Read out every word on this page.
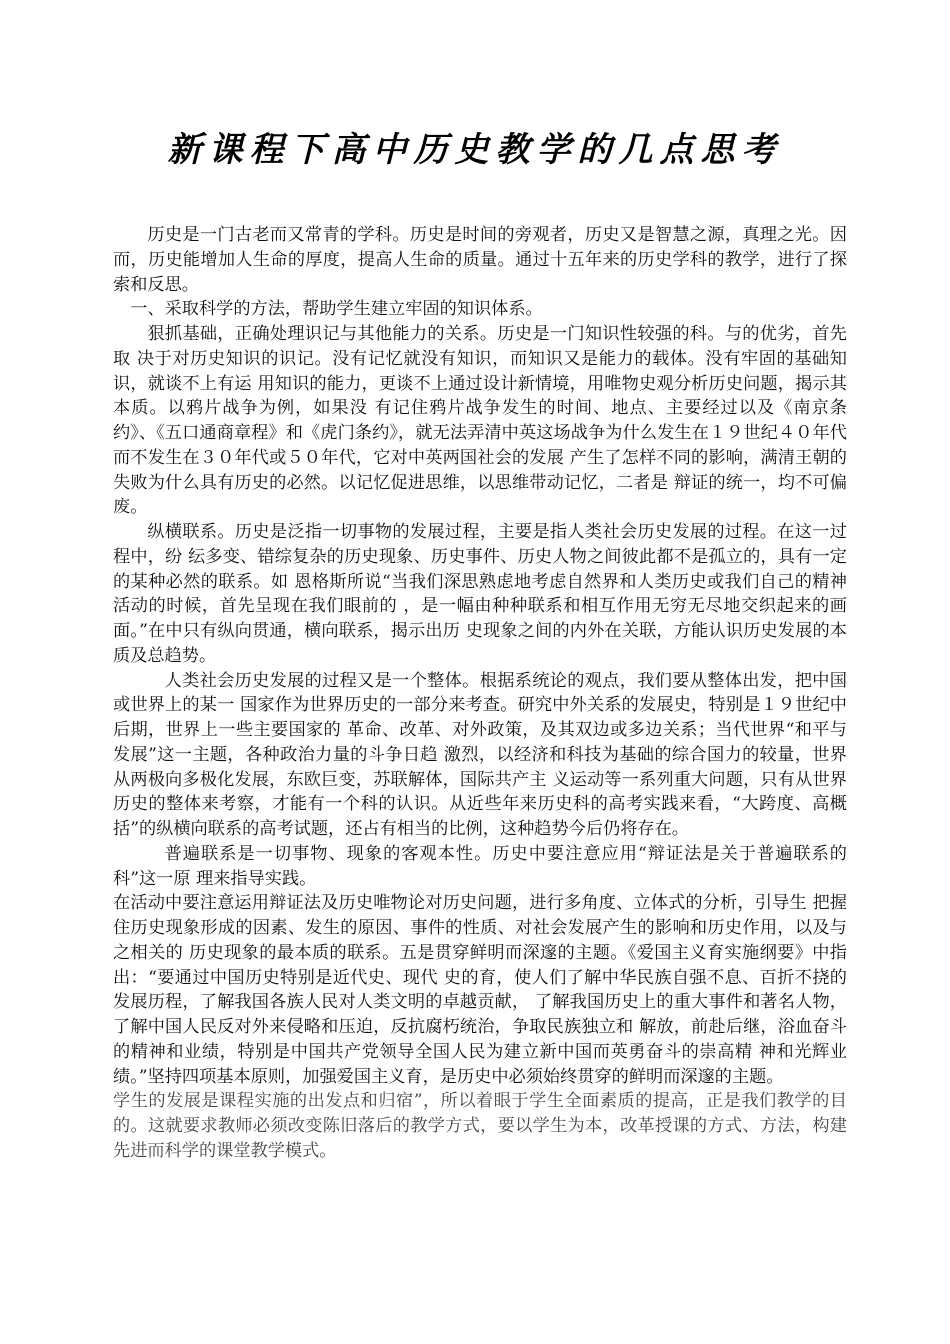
新课程下高中历史教学的几点思考

历史是一门古老而又常青的学科。历史是时间的旁观者，历史又是智慧之源，真理之光。因而，历史能增加人生命的厚度，提高人生命的质量。通过十五年来的历史学科的教学，进行了探索和反思。

一、采取科学的方法，帮助学生建立牢固的知识体系。

狠抓基础，正确处理识记与其他能力的关系。历史是一门知识性较强的科。与的优劣，首先取 决于对历史知识的识记。没有记忆就没有知识，而知识又是能力的载体。没有牢固的基础知识，就谈不上有运 用知识的能力，更谈不上通过设计新情境，用唯物史观分析历史问题，揭示其本质。以鸦片战争为例，如果没 有记住鸦片战争发生的时间、地点、主要经过以及《南京条约》、《五口通商章程》和《虎门条约》，就无法弄清中英这场战争为什么发生在１９世纪４０年代而不发生在３０年代或５０年代，它对中英两国社会的发展 产生了怎样不同的影响，满清王朝的失败为什么具有历史的必然。以记忆促进思维，以思维带动记忆，二者是 辩证的统一，均不可偏废。

纵横联系。历史是泛指一切事物的发展过程，主要是指人类社会历史发展的过程。在这一过程中，纷 纭多变、错综复杂的历史现象、历史事件、历史人物之间彼此都不是孤立的，具有一定的某种必然的联系。如 恩格斯所说“当我们深思熟虑地考虑自然界和人类历史或我们自己的精神活动的时候，首先呈现在我们眼前的 ，是一幅由种种联系和相互作用无穷无尽地交织起来的画面。”在中只有纵向贯通，横向联系，揭示出历 史现象之间的内外在关联，方能认识历史发展的本质及总趋势。

人类社会历史发展的过程又是一个整体。根据系统论的观点，我们要从整体出发，把中国或世界上的某一 国家作为世界历史的一部分来考查。研究中外关系的发展史，特别是１９世纪中后期，世界上一些主要国家的 革命、改革、对外政策，及其双边或多边关系；当代世界“和平与发展”这一主题，各种政治力量的斗争日趋 激烈，以经济和科技为基础的综合国力的较量，世界从两极向多极化发展，东欧巨变，苏联解体，国际共产主 义运动等一系列重大问题，只有从世界历史的整体来考察，才能有一个科的认识。从近些年来历史科的高考实践来看，“大跨度、高概括”的纵横向联系的高考试题，还占有相当的比例，这种趋势今后仍将存在。

普遍联系是一切事物、现象的客观本性。历史中要注意应用“辩证法是关于普遍联系的科”这一原 理来指导实践。

在活动中要注意运用辩证法及历史唯物论对历史问题，进行多角度、立体式的分析，引导生 把握住历史现象形成的因素、发生的原因、事件的性质、对社会发展产生的影响和历史作用，以及与之相关的 历史现象的最本质的联系。五是贯穿鲜明而深邃的主题。《爱国主义育实施纲要》中指出：“要通过中国历史特别是近代史、现代 史的育，使人们了解中华民族自强不息、百折不挠的发展历程，了解我国各族人民对人类文明的卓越贡献， 了解我国历史上的重大事件和著名人物，了解中国人民反对外来侵略和压迫，反抗腐朽统治，争取民族独立和 解放，前赴后继，浴血奋斗的精神和业绩，特别是中国共产党领导全国人民为建立新中国而英勇奋斗的崇高精 神和光辉业绩。”坚持四项基本原则，加强爱国主义育，是历史中必须始终贯穿的鲜明而深邃的主题。

学生的发展是课程实施的出发点和归宿”，所以着眼于学生全面素质的提高，正是我们教学的目的。这就要求教师必须改变陈旧落后的教学方式，要以学生为本，改革授课的方式、方法，构建先进而科学的课堂教学模式。
